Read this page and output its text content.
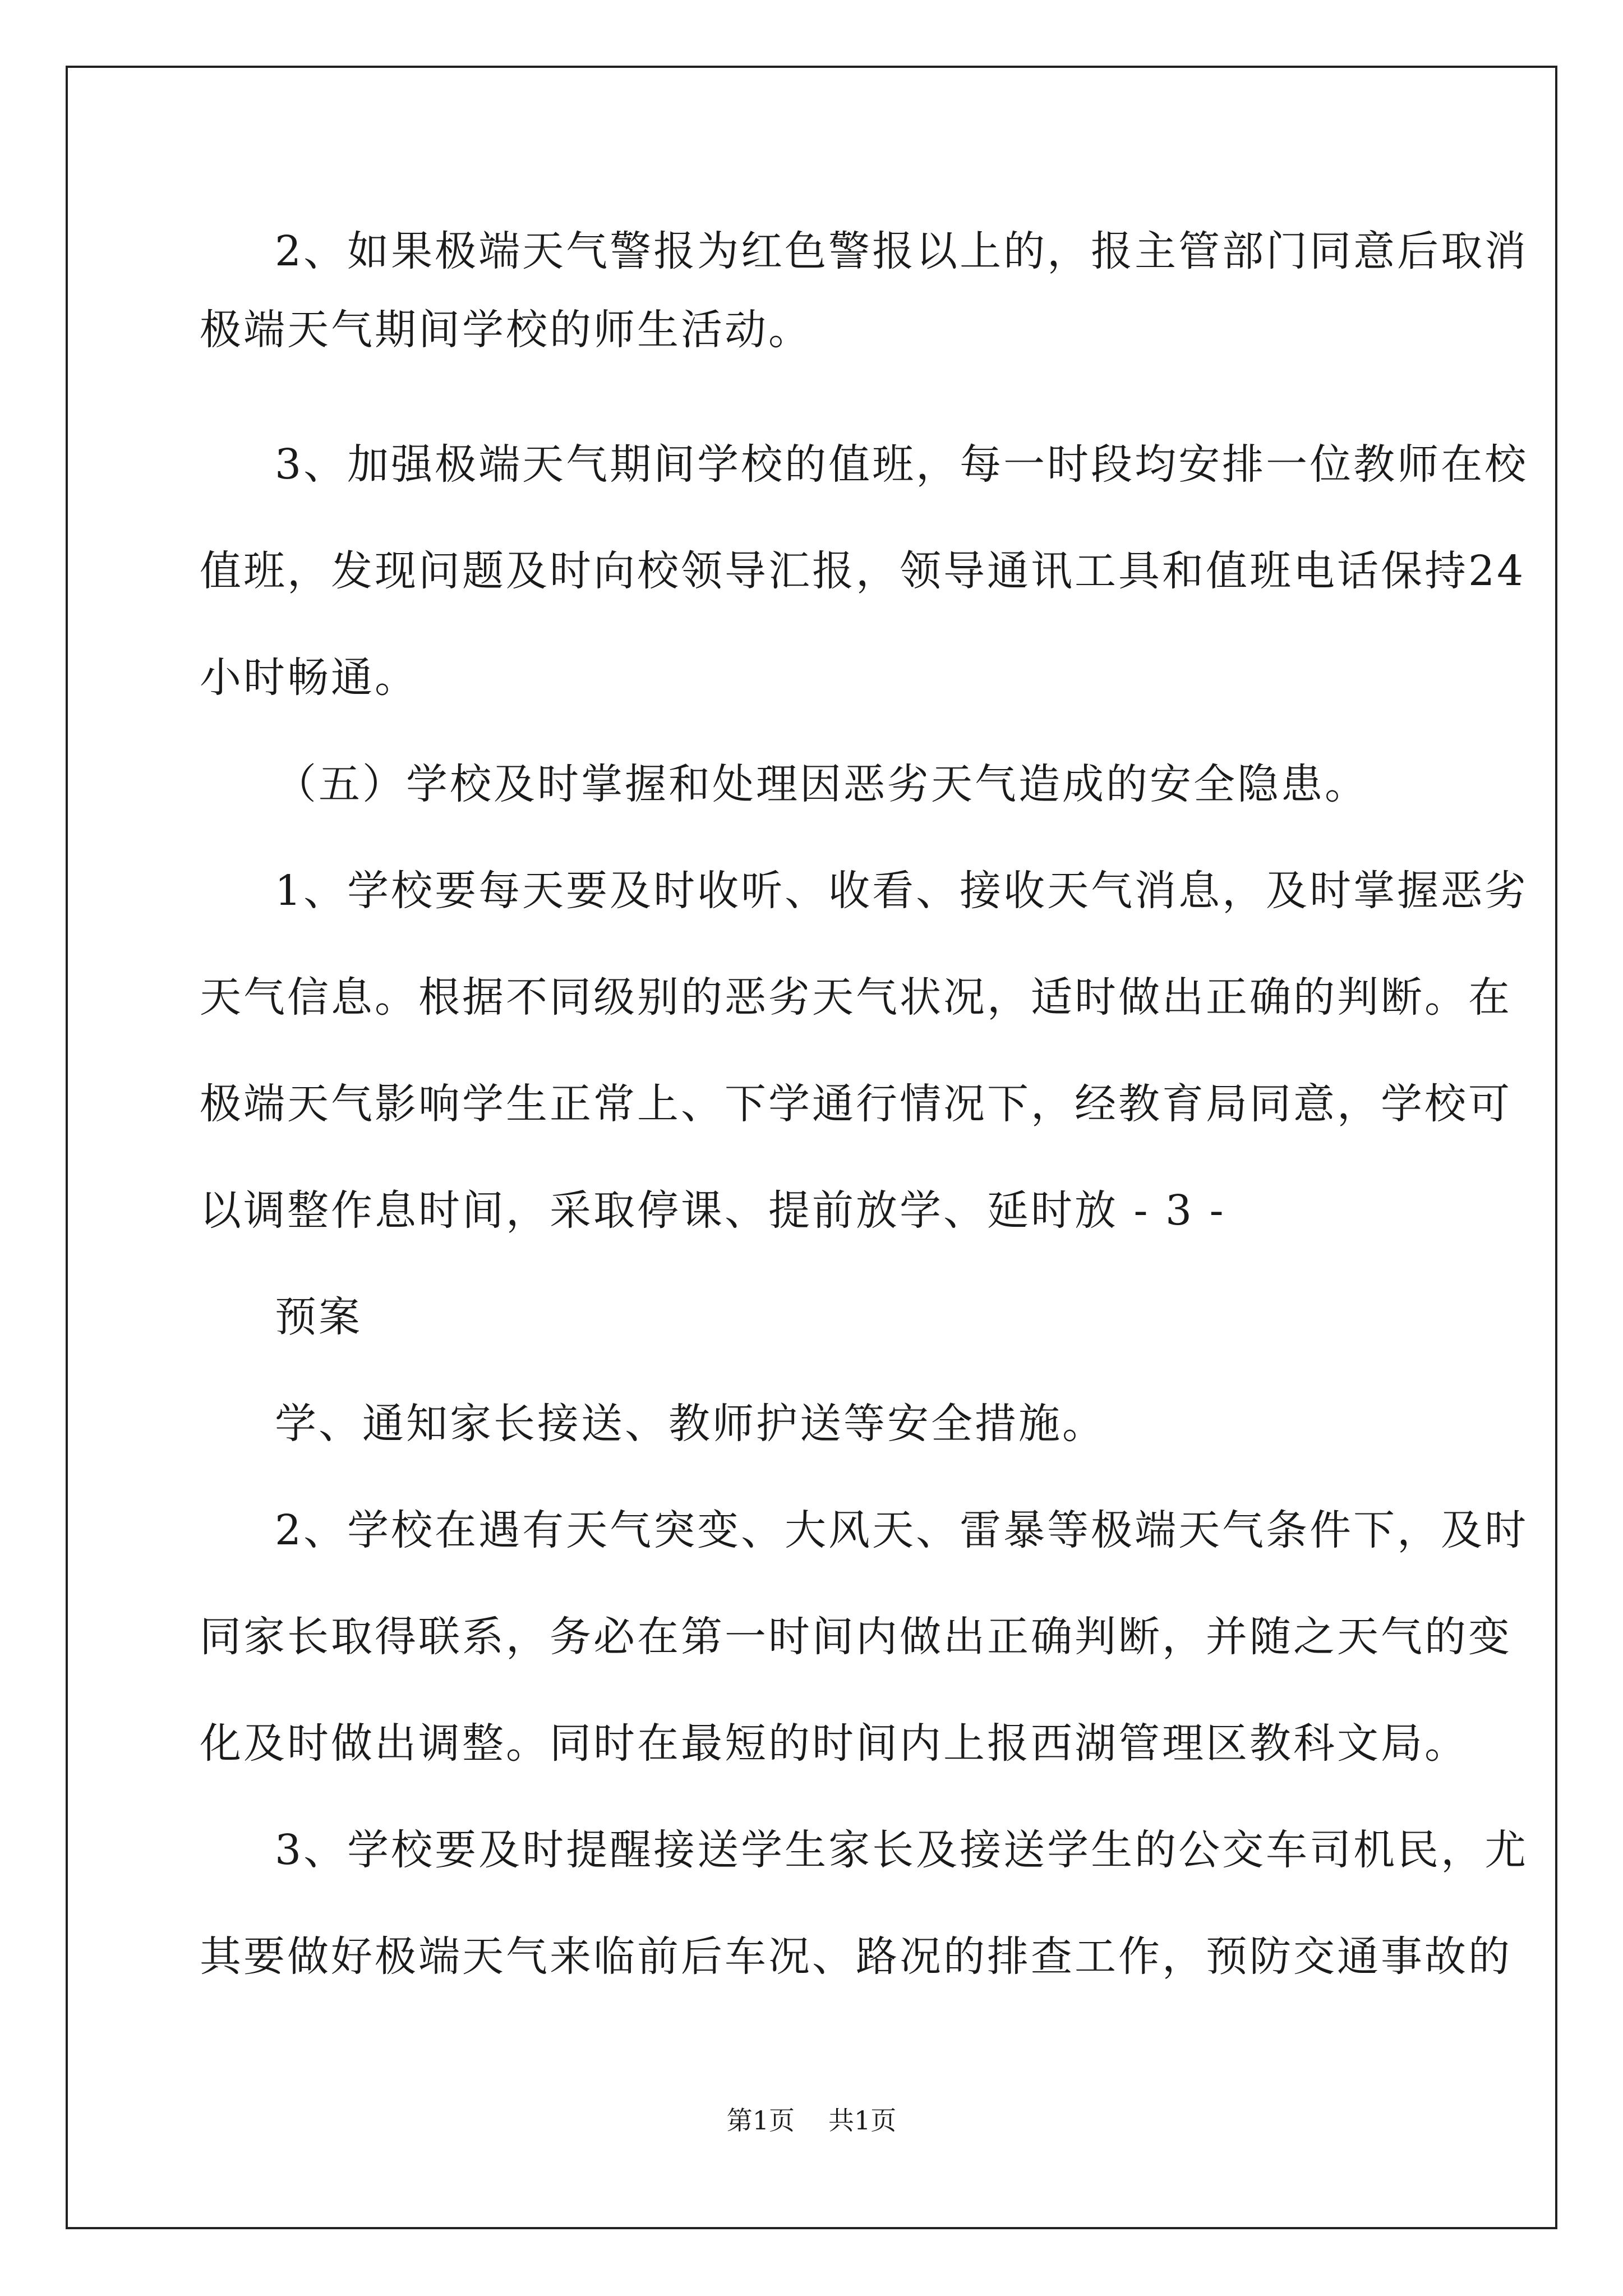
2、如果极端天气警报为红色警报以上的，报主管部门同意后取消
极端天气期间学校的师生活动。
3、加强极端天气期间学校的值班，每一时段均安排一位教师在校
值班，发现问题及时向校领导汇报，领导通讯工具和值班电话保持24
小时畅通。
（五）学校及时掌握和处理因恶劣天气造成的安全隐患。
1、学校要每天要及时收听、收看、接收天气消息，及时掌握恶劣
天气信息。根据不同级别的恶劣天气状况，适时做出正确的判断。在
极端天气影响学生正常上、下学通行情况下，经教育局同意，学校可
以调整作息时间，采取停课、提前放学、延时放 - 3 -
预案
学、通知家长接送、教师护送等安全措施。
2、学校在遇有天气突变、大风天、雷暴等极端天气条件下，及时
同家长取得联系，务必在第一时间内做出正确判断，并随之天气的变
化及时做出调整。同时在最短的时间内上报西湖管理区教科文局。
3、学校要及时提醒接送学生家长及接送学生的公交车司机民，尤
其要做好极端天气来临前后车况、路况的排查工作，预防交通事故的
第1页 共1页
